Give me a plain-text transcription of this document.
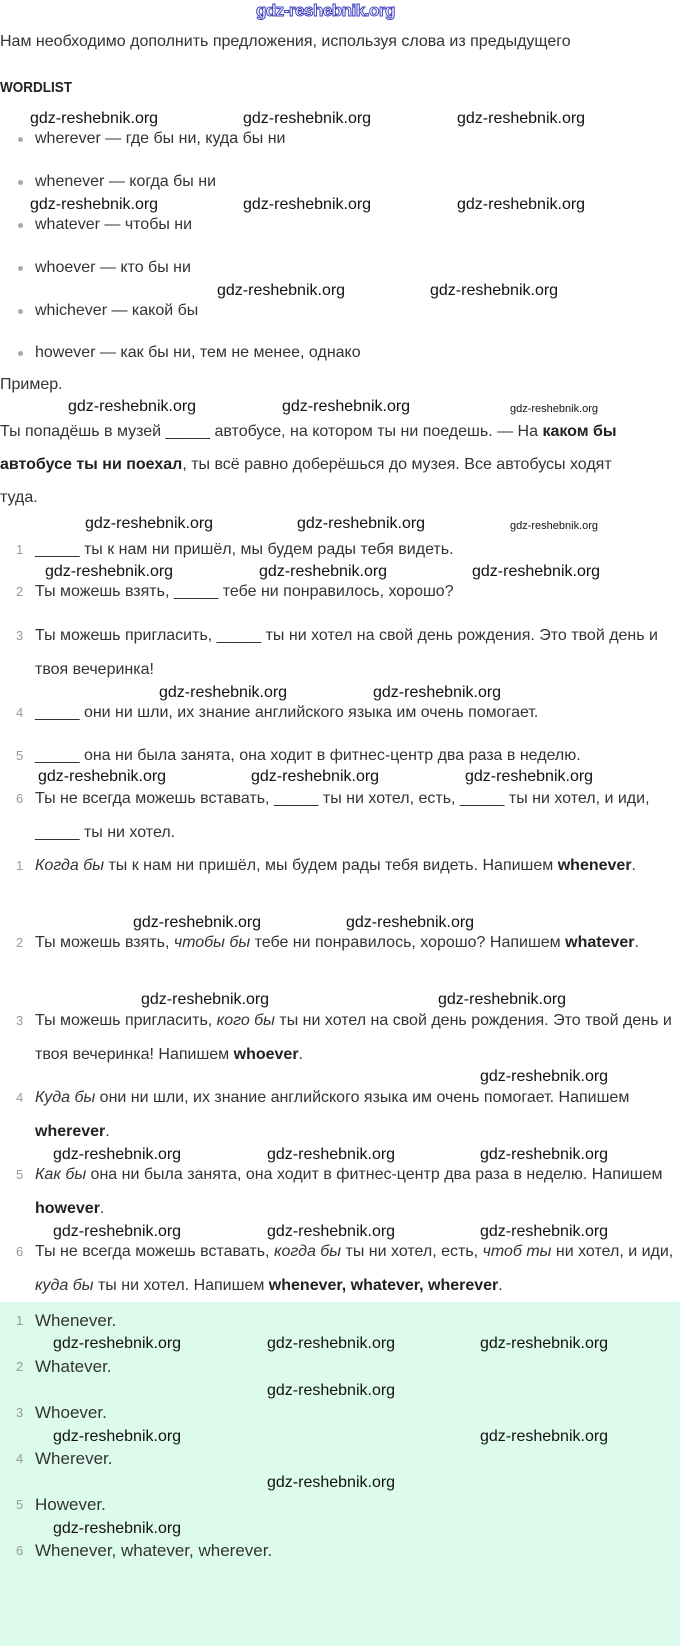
gdz-reshebnik.org
Нам необходимо дополнить предложения, используя слова из предыдущего
WORDLIST
wherever — где бы ни, куда бы ни
whenever — когда бы ни
whatever — чтобы ни
whoever — кто бы ни
whichever — какой бы
however — как бы ни, тем не менее, однако
Пример.
Ты попадёшь в музей _____ автобусе, на котором ты ни поедешь. — На каком бы автобусе ты ни поехал, ты всё равно доберёшься до музея. Все автобусы ходят туда.
1 _____ ты к нам ни пришёл, мы будем рады тебя видеть.
2 Ты можешь взять, _____ тебе ни понравилось, хорошо?
3 Ты можешь пригласить, _____ ты ни хотел на свой день рождения. Это твой день и твоя вечеринка!
4 _____ они ни шли, их знание английского языка им очень помогает.
5 _____ она ни была занята, она ходит в фитнес-центр два раза в неделю.
6 Ты не всегда можешь вставать, _____ ты ни хотел, есть, _____ ты ни хотел, и иди, _____ ты ни хотел.
1 Когда бы ты к нам ни пришёл, мы будем рады тебя видеть. Напишем whenever.
2 Ты можешь взять, чтобы бы тебе ни понравилось, хорошо? Напишем whatever.
3 Ты можешь пригласить, кого бы ты ни хотел на свой день рождения. Это твой день и твоя вечеринка! Напишем whoever.
4 Куда бы они ни шли, их знание английского языка им очень помогает. Напишем wherever.
5 Как бы она ни была занята, она ходит в фитнес-центр два раза в неделю. Напишем however.
6 Ты не всегда можешь вставать, когда бы ты ни хотел, есть, чтоб ты ни хотел, и иди, куда бы ты ни хотел. Напишем whenever, whatever, wherever.
1 Whenever.
2 Whatever.
3 Whoever.
4 Wherever.
5 However.
6 Whenever, whatever, wherever.
gdz-reshebnik.org	gdz-reshebnik.org	gdz-reshebnik.org
gdz-reshebnik.org	gdz-reshebnik.org	gdz-reshebnik.org
gdz-reshebnik.org	gdz-reshebnik.org
gdz-reshebnik.org	gdz-reshebnik.org	gdz-reshebnik.org
gdz-reshebnik.org	gdz-reshebnik.org	gdz-reshebnik.org
gdz-reshebnik.org	gdz-reshebnik.org	gdz-reshebnik.org
gdz-reshebnik.org	gdz-reshebnik.org
gdz-reshebnik.org	gdz-reshebnik.org	gdz-reshebnik.org
gdz-reshebnik.org	gdz-reshebnik.org
gdz-reshebnik.org	gdz-reshebnik.org
gdz-reshebnik.org
gdz-reshebnik.org	gdz-reshebnik.org	gdz-reshebnik.org
gdz-reshebnik.org	gdz-reshebnik.org	gdz-reshebnik.org
gdz-reshebnik.org	gdz-reshebnik.org	gdz-reshebnik.org
gdz-reshebnik.org
gdz-reshebnik.org	gdz-reshebnik.org
gdz-reshebnik.org
gdz-reshebnik.org
